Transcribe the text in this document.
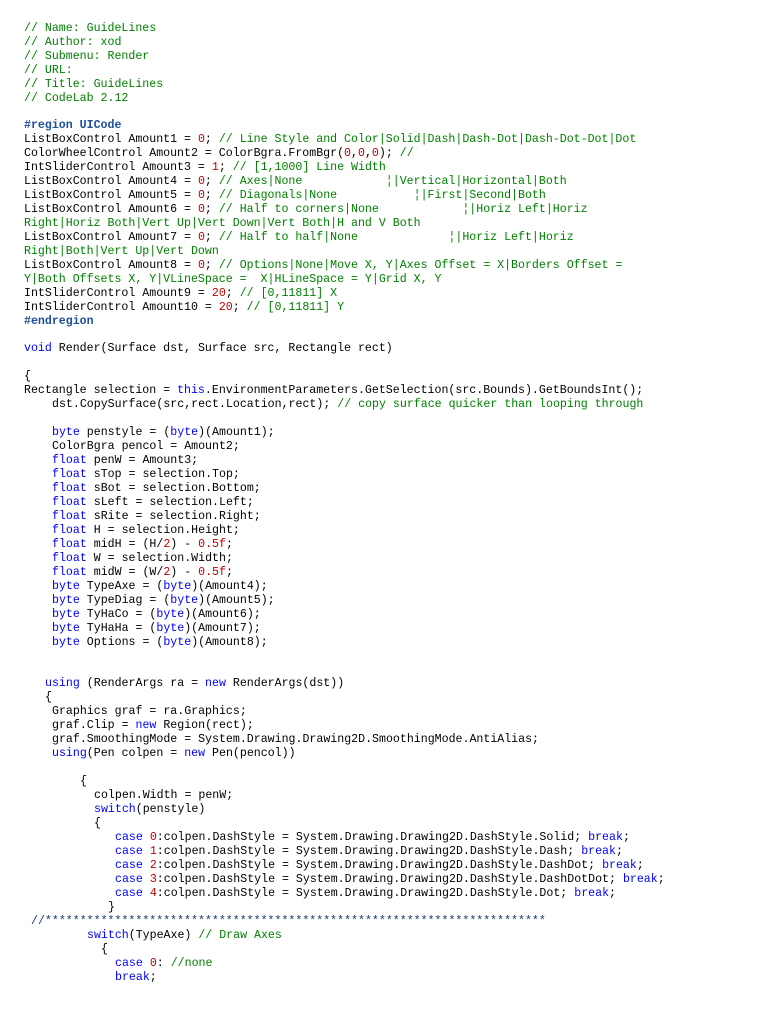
// Name: GuideLines
// Author: xod
// Submenu: Render
// URL:
// Title: GuideLines
// CodeLab 2.12
#region UICode
ListBoxControl Amount1 = 0; // Line Style and Color|Solid|Dash|Dash-Dot|Dash-Dot-Dot|Dot
ColorWheelControl Amount2 = ColorBgra.FromBgr(0,0,0); //
IntSliderControl Amount3 = 1; // [1,1000] Line Width
ListBoxControl Amount4 = 0; // Axes|None            ¦|Vertical|Horizontal|Both
ListBoxControl Amount5 = 0; // Diagonals|None           ¦|First|Second|Both
ListBoxControl Amount6 = 0; // Half to corners|None            ¦|Horiz Left|Horiz
Right|Horiz Both|Vert Up|Vert Down|Vert Both|H and V Both
ListBoxControl Amount7 = 0; // Half to half|None             ¦|Horiz Left|Horiz
Right|Both|Vert Up|Vert Down
ListBoxControl Amount8 = 0; // Options|None|Move X, Y|Axes Offset = X|Borders Offset =
Y|Both Offsets X, Y|VLineSpace =  X|HLineSpace = Y|Grid X, Y
IntSliderControl Amount9 = 20; // [0,11811] X
IntSliderControl Amount10 = 20; // [0,11811] Y
#endregion
void Render(Surface dst, Surface src, Rectangle rect)
{
Rectangle selection = this.EnvironmentParameters.GetSelection(src.Bounds).GetBoundsInt();
dst.CopySurface(src,rect.Location,rect); // copy surface quicker than looping through
byte penstyle = (byte)(Amount1);
ColorBgra pencol = Amount2;
float penW = Amount3;
float sTop = selection.Top;
float sBot = selection.Bottom;
float sLeft = selection.Left;
float sRite = selection.Right;
float H = selection.Height;
float midH = (H/2) - 0.5f;
float W = selection.Width;
float midW = (W/2) - 0.5f;
byte TypeAxe = (byte)(Amount4);
byte TypeDiag = (byte)(Amount5);
byte TyHaCo = (byte)(Amount6);
byte TyHaHa = (byte)(Amount7);
byte Options = (byte)(Amount8);
using (RenderArgs ra = new RenderArgs(dst))
{
Graphics graf = ra.Graphics;
graf.Clip = new Region(rect);
graf.SmoothingMode = System.Drawing.Drawing2D.SmoothingMode.AntiAlias;
using(Pen colpen = new Pen(pencol))
{
colpen.Width = penW;
switch(penstyle)
{
case 0:colpen.DashStyle = System.Drawing.Drawing2D.DashStyle.Solid; break;
case 1:colpen.DashStyle = System.Drawing.Drawing2D.DashStyle.Dash; break;
case 2:colpen.DashStyle = System.Drawing.Drawing2D.DashStyle.DashDot; break;
case 3:colpen.DashStyle = System.Drawing.Drawing2D.DashStyle.DashDotDot; break;
case 4:colpen.DashStyle = System.Drawing.Drawing2D.DashStyle.Dot; break;
}
//************************************************************************
switch(TypeAxe) // Draw Axes
{
case 0: //none
break;
